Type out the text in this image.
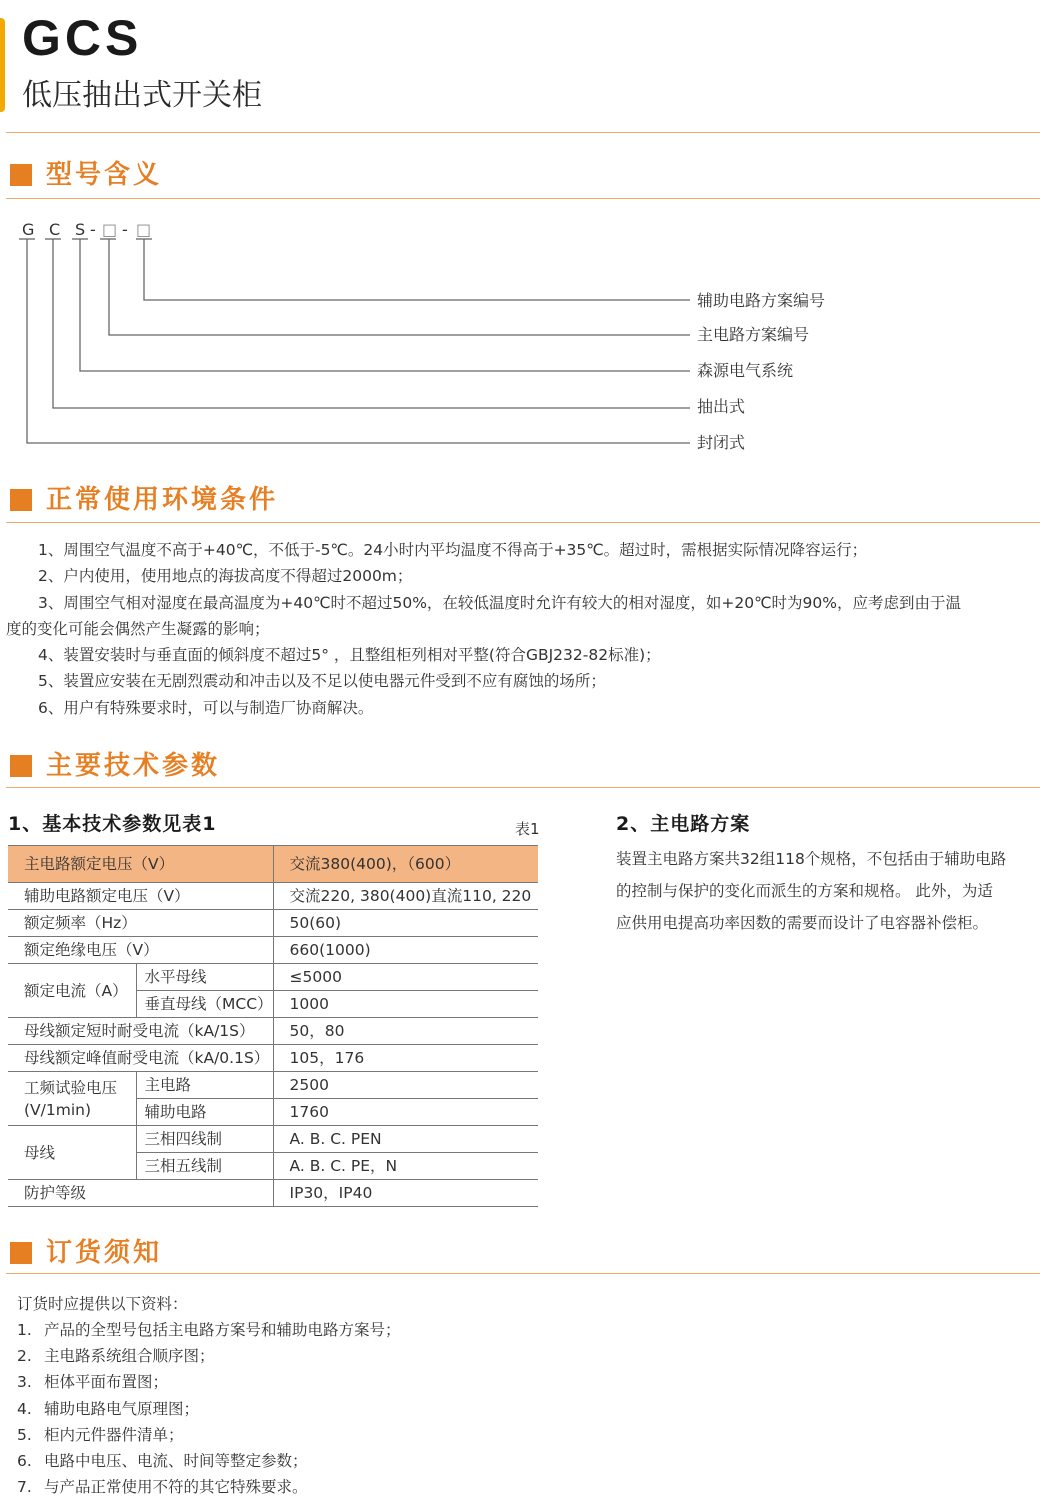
GCS
低压抽出式开关柜
型号含义
G C S - □ - □
辅助电路方案编号
主电路方案编号
森源电气系统
抽出式
封闭式
正常使用环境条件
1、周围空气温度不高于+40℃，不低于-5℃。24小时内平均温度不得高于+35℃。超过时，需根据实际情况降容运行；
2、户内使用，使用地点的海拔高度不得超过2000m；
3、周围空气相对湿度在最高温度为+40℃时不超过50%，在较低温度时允许有较大的相对湿度，如+20℃时为90%，应考虑到由于温
度的变化可能会偶然产生凝露的影响；
4、装置安装时与垂直面的倾斜度不超过5° ，且整组柜列相对平整(符合GBJ232-82标准)；
5、装置应安装在无剧烈震动和冲击以及不足以使电器元件受到不应有腐蚀的场所；
6、用户有特殊要求时，可以与制造厂协商解决。
主要技术参数
1、基本技术参数见表1	表1
主电路额定电压（V）		交流380(400)，（600）
辅助电路额定电压（V）		交流220, 380(400)直流110, 220
额定频率（Hz）		50(60)
额定绝缘电压（V）		660(1000)
额定电流（A）	水平母线	≤5000
	垂直母线（MCC）	1000
母线额定短时耐受电流（kA/1S）		50，80
母线额定峰值耐受电流（kA/0.1S）		105，176

工频试验电压
(V/1min)	主电路	2500
	辅助电路	1760
母线	三相四线制	A. B. C. PEN
	三相五线制	A. B. C. PE，N
防护等级		IP30，IP40
2、主电路方案
装置主电路方案共32组118个规格，不包括由于辅助电路
的控制与保护的变化而派生的方案和规格。 此外，为适
应供用电提高功率因数的需要而设计了电容器补偿柜。
订货须知
订货时应提供以下资料：
1. 产品的全型号包括主电路方案号和辅助电路方案号；
2. 主电路系统组合顺序图；
3. 柜体平面布置图；
4. 辅助电路电气原理图；
5. 柜内元件器件清单；
6. 电路中电压、电流、时间等整定参数；
7. 与产品正常使用不符的其它特殊要求。
